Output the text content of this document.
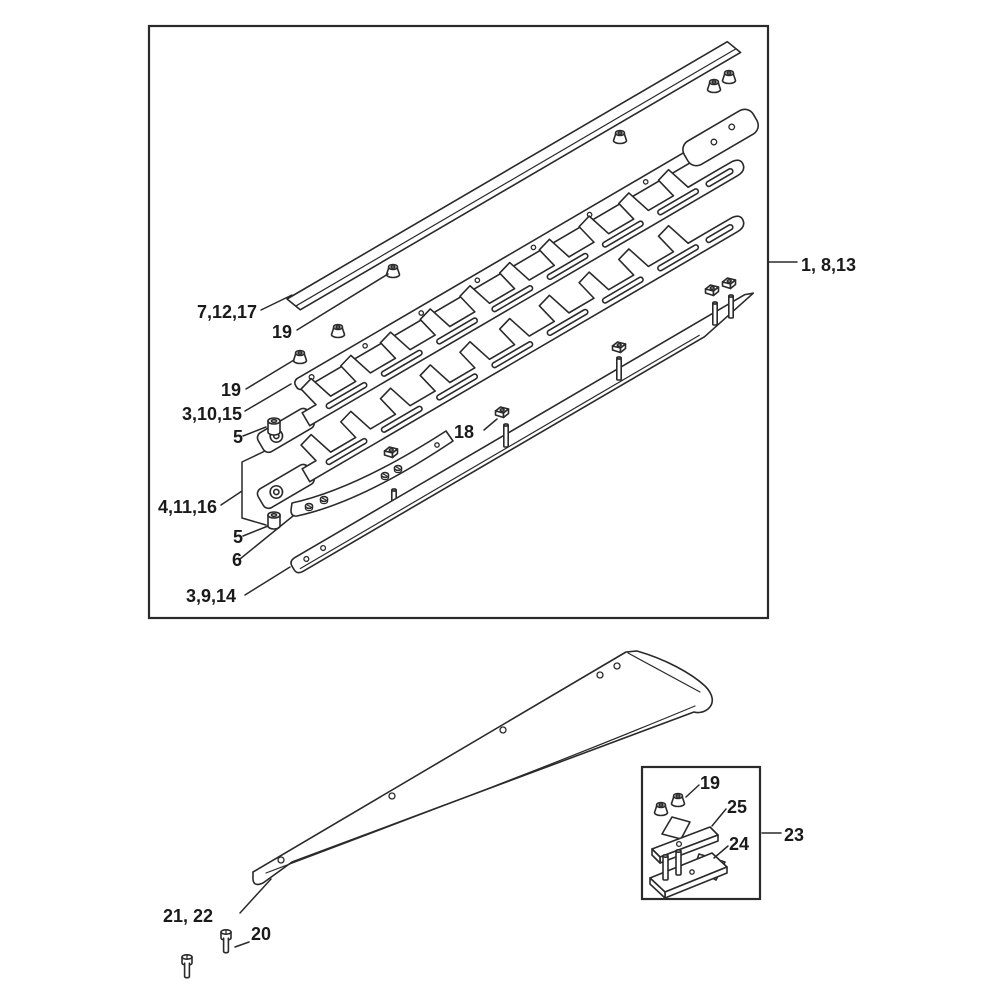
7,12,17
19
19
3,10,15
5
4,11,16
5
6
3,9,14
18
1, 8,13
21, 22
20
19
25
24 23
